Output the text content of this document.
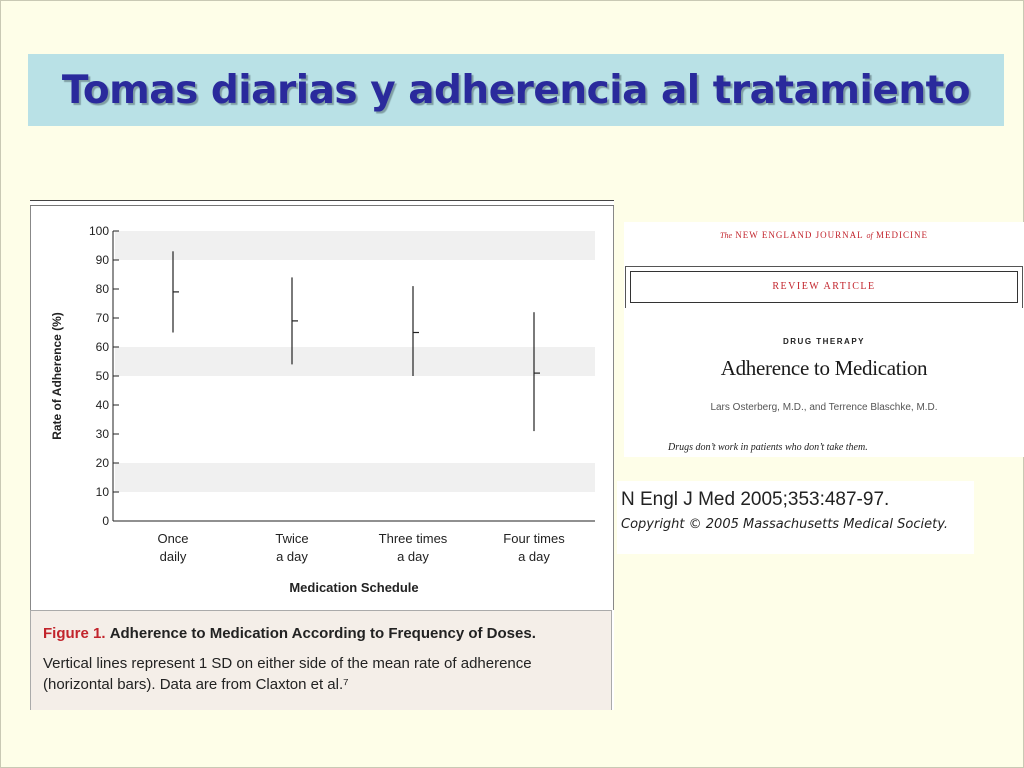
Tomas diarias y adherencia al tratamiento
0
10
20
30
40
50
60
70
80
90
100
Rate of Adherence (%)
Once
daily
Twice
a day
Three times
a day
Four times
a day
Medication Schedule

Figure 1. Adherence to Medication According to Frequency of Doses.

Vertical lines represent 1 SD on either side of the mean rate of adherence
(horizontal bars). Data are from Claxton et al.⁷

The NEW ENGLAND JOURNAL of MEDICINE
REVIEW ARTICLE
DRUG THERAPY
Adherence to Medication
Lars Osterberg, M.D., and Terrence Blaschke, M.D.
Drugs don’t work in patients who don’t take them.

N Engl J Med 2005;353:487-97.

Copyright © 2005 Massachusetts Medical Society.
